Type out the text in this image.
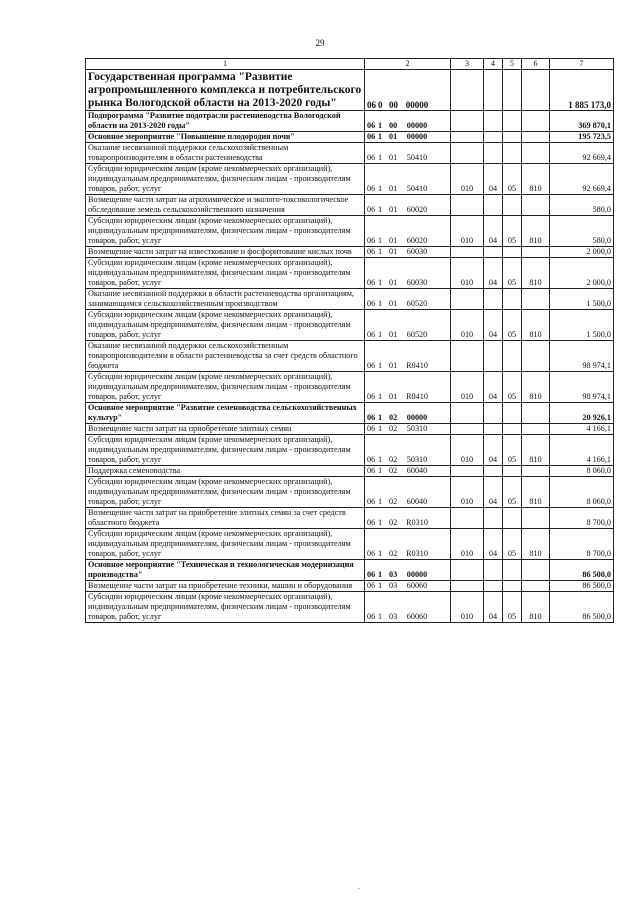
29
1	2	3	4	5	6	7
Государственная программа "Развитие агропромышленного комплекса и потребительского рынка Вологодской области на 2013-2020 годы"	06 0 00 00000					1 885 173,0
Подпрограмма "Развитие подотрасли растениеводства Вологодской области на 2013-2020 годы"	06 1 00 00000					369 870,1
Основное мероприятие "Повышение плодородия почв"	06 1 01 00000					195 723,5
Оказание несвязанной поддержки сельскохозяйственным товаропроизводителям в области растениеводства	06 1 01 50410					92 669,4
Субсидии юридическим лицам (кроме некоммерческих организаций), индивидуальным предпринимателям, физическим лицам - производителям товаров, работ, услуг	06 1 01 50410	010	04	05	810	92 669,4
Возмещение части затрат на агрохимическое и эколого-токсикологическое обследование земель сельскохозяйственного назначения	06 1 01 60020					580,0
Субсидии юридическим лицам (кроме некоммерческих организаций), индивидуальным предпринимателям, физическим лицам - производителям товаров, работ, услуг	06 1 01 60020	010	04	05	810	580,0
Возмещение части затрат на известкование и фосфоритование кислых почв	06 1 01 60030					2 000,0
Субсидии юридическим лицам (кроме некоммерческих организаций), индивидуальным предпринимателям, физическим лицам - производителям товаров, работ, услуг	06 1 01 60030	010	04	05	810	2 000,0
Оказание несвязанной поддержки в области растениеводства организациям, занимающимся сельскохозяйственным производством	06 1 01 60520					1 500,0
Субсидии юридическим лицам (кроме некоммерческих организаций), индивидуальным предпринимателям, физическим лицам - производителям товаров, работ, услуг	06 1 01 60520	010	04	05	810	1 500,0
Оказание несвязанной поддержки сельскохозяйственным товаропроизводителям в области растениеводства за счет средств областного бюджета	06 1 01 R0410					98 974,1
Субсидии юридическим лицам (кроме некоммерческих организаций), индивидуальным предпринимателям, физическим лицам - производителям товаров, работ, услуг	06 1 01 R0410	010	04	05	810	98 974,1
Основное мероприятие "Развитие семеноводства сельскохозяйственных культур"	06 1 02 00000					20 926,1
Возмещение части затрат на приобретение элитных семян	06 1 02 50310					4 166,1
Субсидии юридическим лицам (кроме некоммерческих организаций), индивидуальным предпринимателям, физическим лицам - производителям товаров, работ, услуг	06 1 02 50310	010	04	05	810	4 166,1
Поддержка семеноводства	06 1 02 60040					8 060,0
Субсидии юридическим лицам (кроме некоммерческих организаций), индивидуальным предпринимателям, физическим лицам - производителям товаров, работ, услуг	06 1 02 60040	010	04	05	810	8 060,0
Возмещение части затрат на приобретение элитных семян за счет средств областного бюджета	06 1 02 R0310					8 700,0
Субсидии юридическим лицам (кроме некоммерческих организаций), индивидуальным предпринимателям, физическим лицам - производителям товаров, работ, услуг	06 1 02 R0310	010	04	05	810	8 700,0
Основное мероприятие "Техническая и технологическая модернизация производства"	06 1 03 00000					86 500,0
Возмещение части затрат на приобретение техники, машин и оборудования	06 1 03 60060					86 500,0
Субсидии юридическим лицам (кроме некоммерческих организаций), индивидуальным предпринимателям, физическим лицам - производителям товаров, работ, услуг	06 1 03 60060	010	04	05	810	86 500,0
.
